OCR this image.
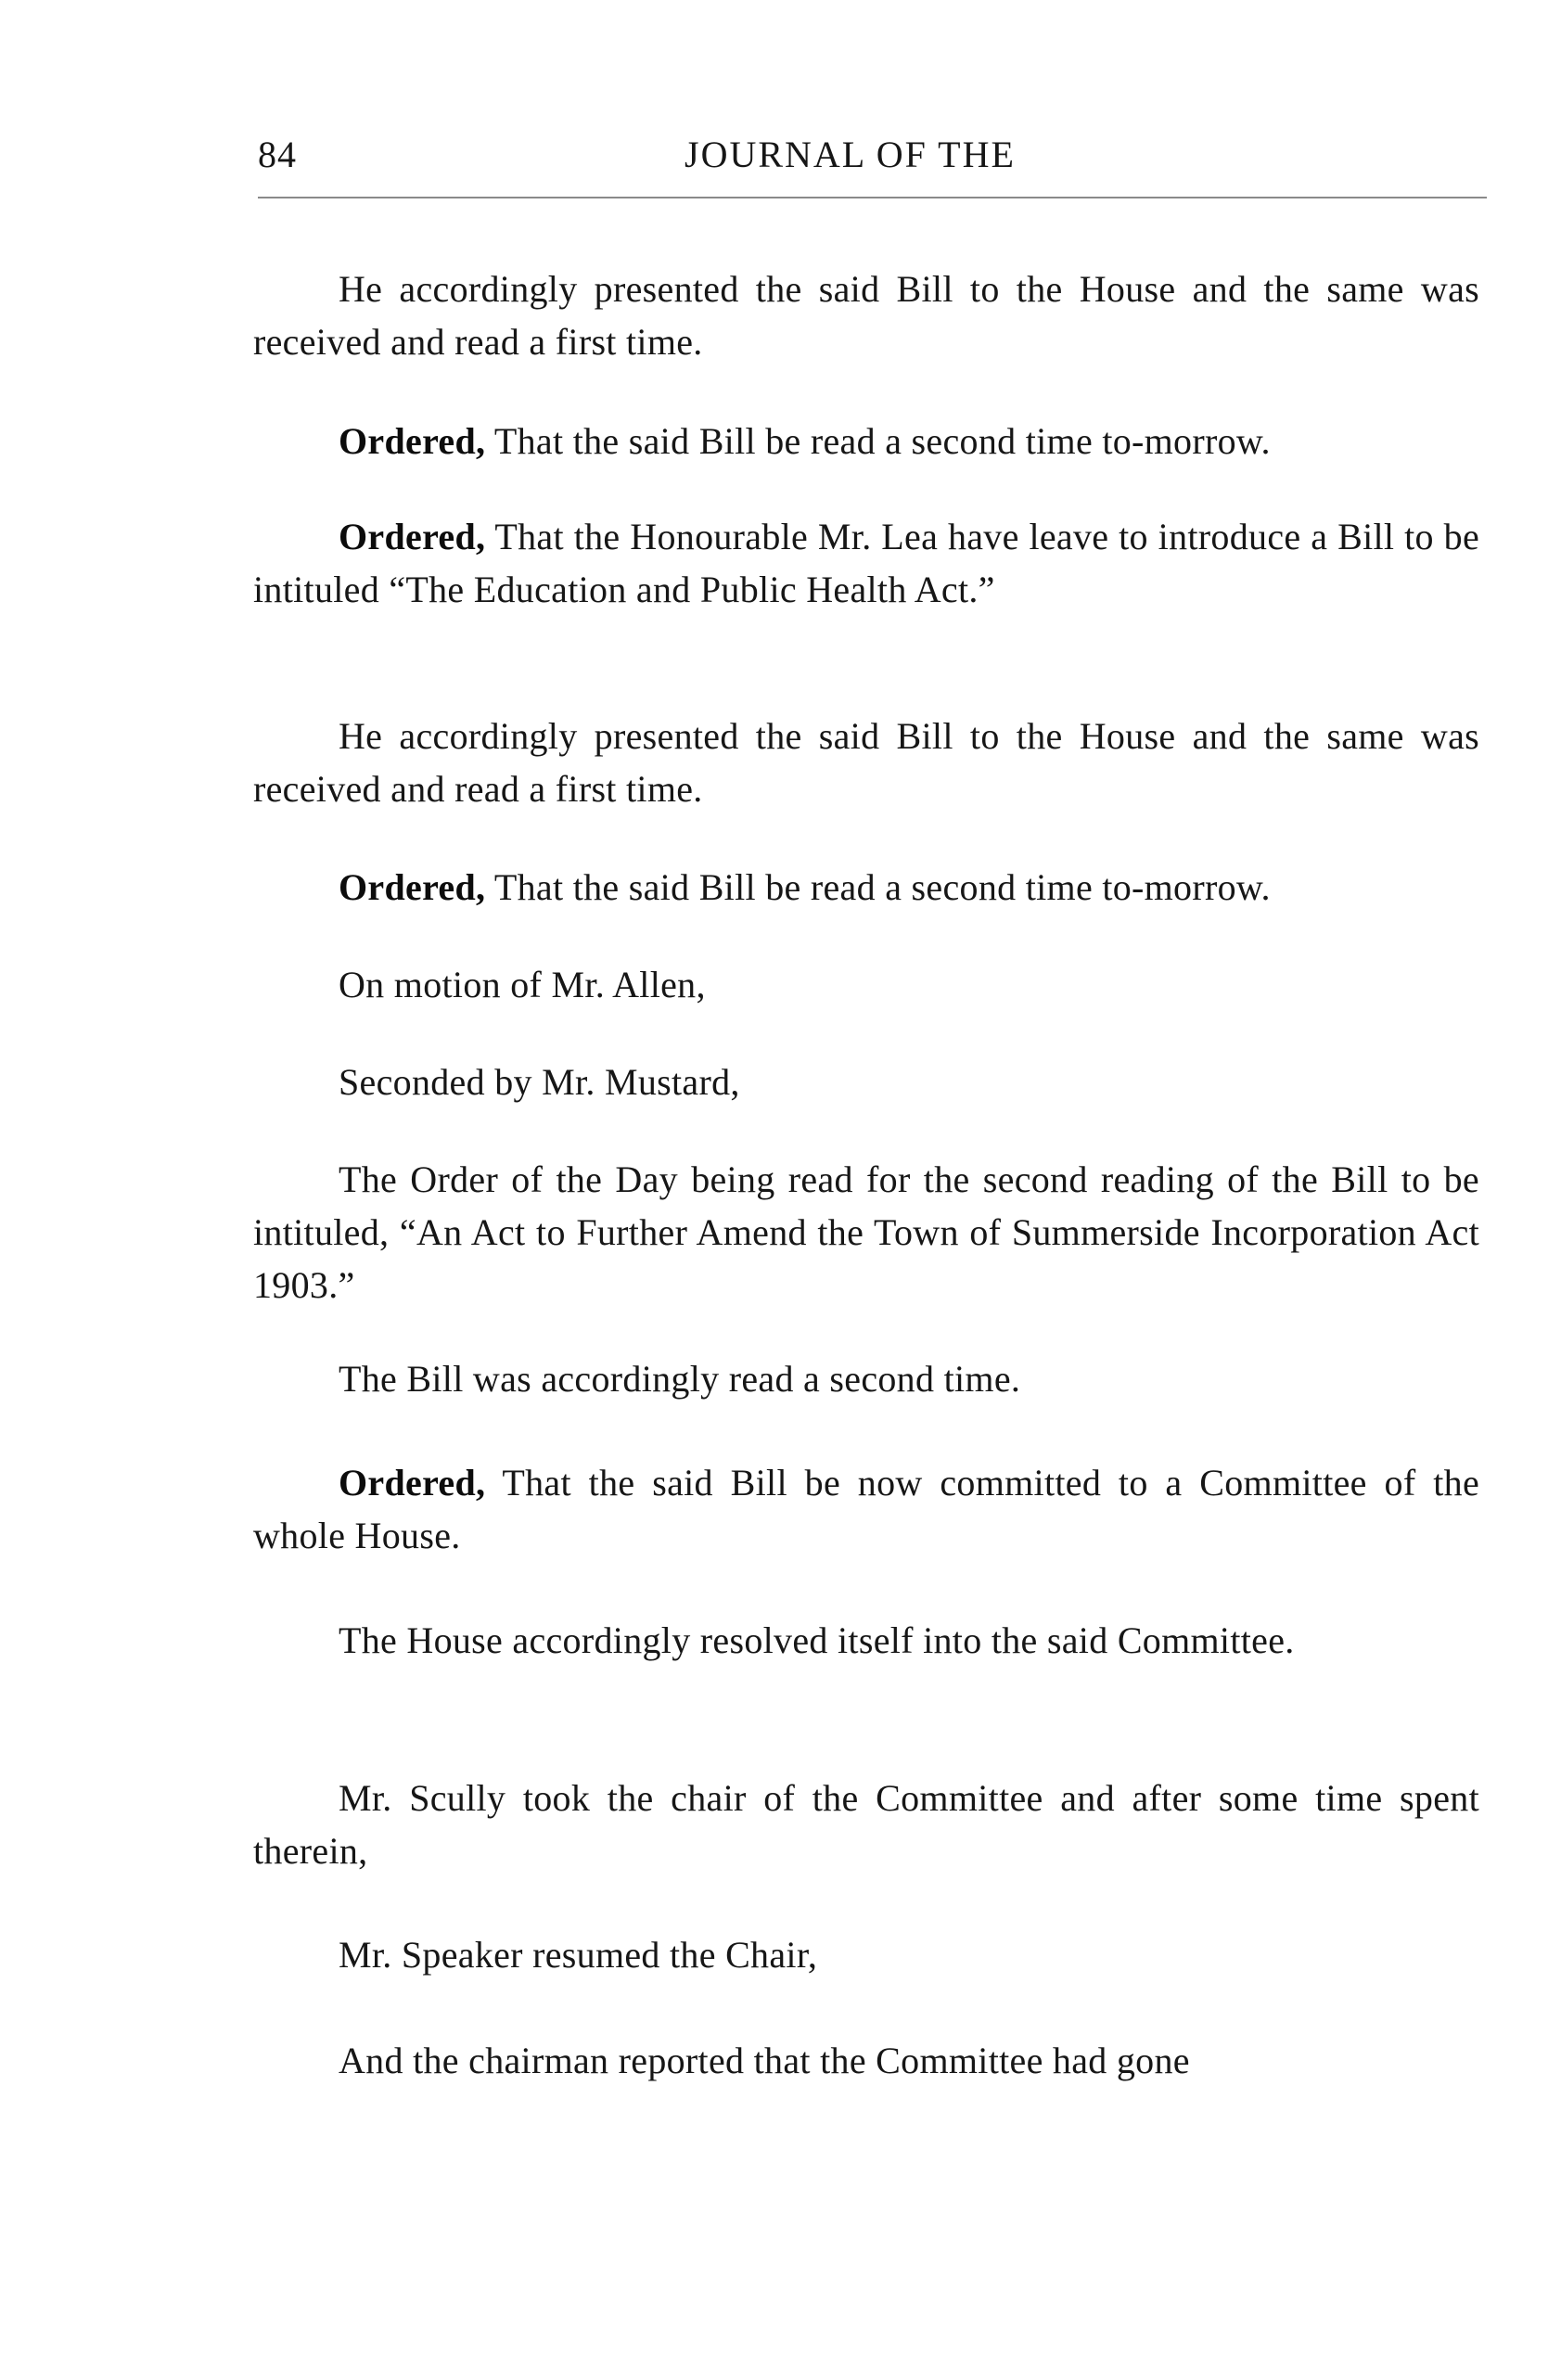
84	JOURNAL OF THE

He accordingly presented the said Bill to the House and the same was received and read a first time.

Ordered, That the said Bill be read a second time to-morrow.

Ordered, That the Honourable Mr. Lea have leave to introduce a Bill to be intituled “The Education and Public Health Act.”

He accordingly presented the said Bill to the House and the same was received and read a first time.

Ordered, That the said Bill be read a second time to-morrow.

On motion of Mr. Allen,

Seconded by Mr. Mustard,

The Order of the Day being read for the second reading of the Bill to be intituled, “An Act to Further Amend the Town of Summerside Incorporation Act 1903.”

The Bill was accordingly read a second time.

Ordered, That the said Bill be now committed to a Committee of the whole House.

The House accordingly resolved itself into the said Committee.

Mr. Scully took the chair of the Committee and after some time spent therein,

Mr. Speaker resumed the Chair,

And the chairman reported that the Committee had gone
